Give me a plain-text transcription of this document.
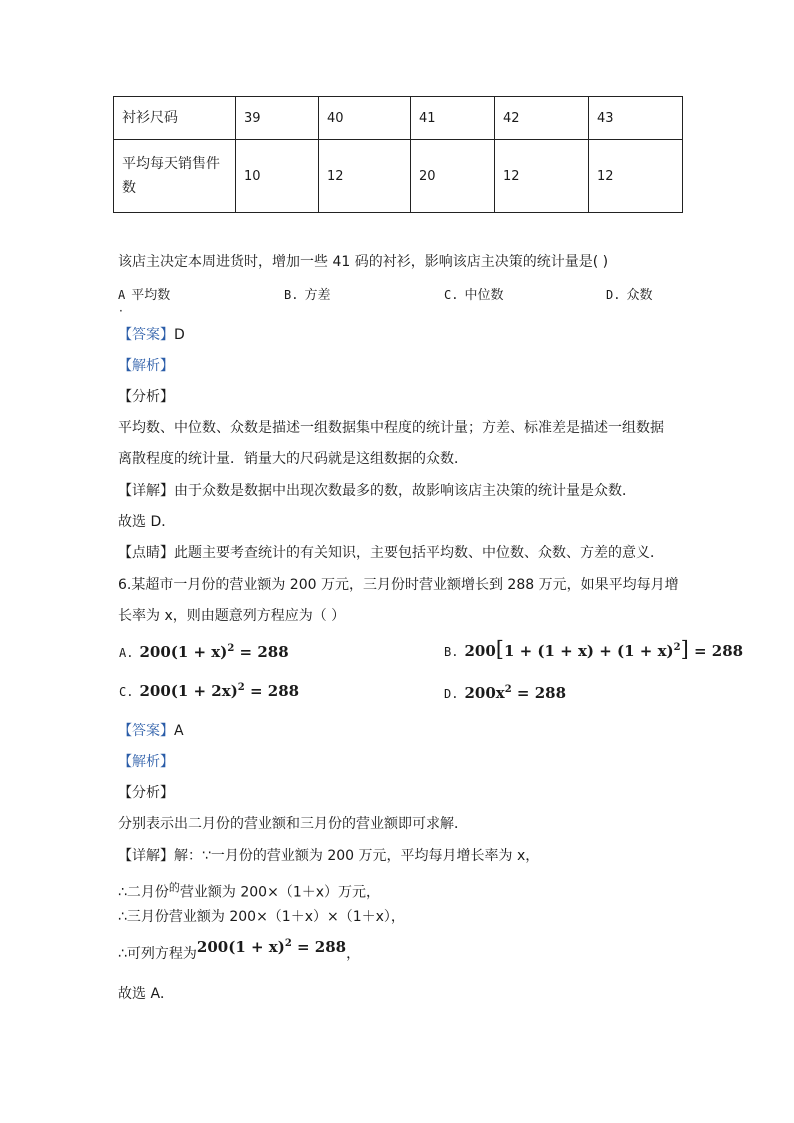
衬衫尺码	39	40	41	42	43
平均每天销售件数	10	12	20	12	12
该店主决定本周进货时，增加一些 41 码的衬衫，影响该店主决策的统计量是( )
A 平均数
·
B. 方差	C. 中位数	D. 众数
【答案】D
【解析】
【分析】
平均数、中位数、众数是描述一组数据集中程度的统计量；方差、标准差是描述一组数据
离散程度的统计量．销量大的尺码就是这组数据的众数．
【详解】由于众数是数据中出现次数最多的数，故影响该店主决策的统计量是众数．
故选 D．
【点睛】此题主要考查统计的有关知识，主要包括平均数、中位数、众数、方差的意义．
6.某超市一月份的营业额为 200 万元，三月份时营业额增长到 288 万元，如果平均每月增
长率为 x，则由题意列方程应为（ ）
A. $200(1 + x)^2 = 288$	B. $200[1 + (1 + x) + (1 + x)^2] = 288$
C. $200(1 + 2x)^2 = 288$	D. $200x^2 = 288$
【答案】A
【解析】
【分析】
分别表示出二月份的营业额和三月份的营业额即可求解．
【详解】解：∵一月份的营业额为 200 万元，平均每月增长率为 x，
∴二月份$^的$营业额为 200×（1＋x）万元，
∴三月份营业额为 200×（1＋x）×（1＋x），
∴可列方程为$200(1 + x)^2 = 288$，
故选 A．
